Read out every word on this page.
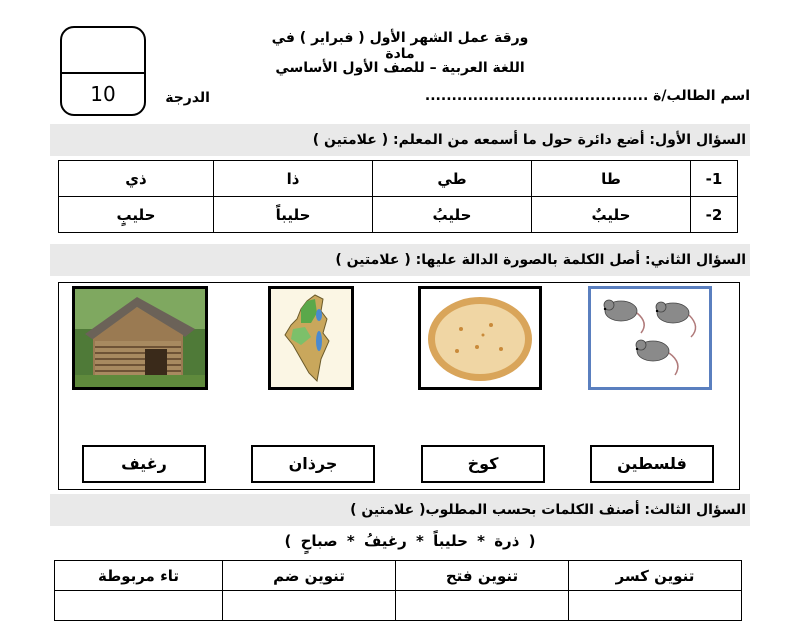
ورقة عمل الشهر الأول ( فبراير ) في مادة
اللغة العربية – للصف الأول الأساسي
اسم الطالب/ة ..........................................
الدرجة
10
السؤال الأول: أضع دائرة حول ما أسمعه من المعلم: ( علامتين )
1-	طا	طي	ذا	ذي
2-	حليبٌ	حليبُ	حليباً	حليبٍ
السؤال الثاني: أصل الكلمة بالصورة الدالة عليها: ( علامتين )
فلسطين
كوخ
جرذان
رغيف
السؤال الثالث: أصنف الكلمات بحسب المطلوب( علامتين )
( ذرة * حليباً * رغيفُ * صباحٍ )
تنوين كسر	تنوين فتح	تنوين ضم	تاء مربوطة
